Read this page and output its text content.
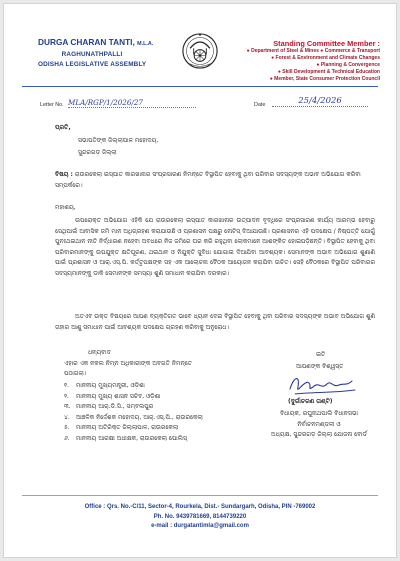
DURGA CHARAN TANTI, M.L.A.
RAGHUNATHPALLI
ODISHA LEGISLATIVE ASSEMBLY
Standing Committee Member :
● Department of Steel & Mines ● Commerce & Transport
● Forest & Environment and Climate Changes
● Planning & Convergence
● Skill Development & Technical Education
● Member, State Consumer Protection Council
Letter No. MLA/RGP/1/2026/27	Date	25/4/2026
ପ୍ରତି,
ସଭାପତିଙ୍କ ଜିଲ୍ଲାପାଳ ମହୋଦୟ,
ସୁନ୍ଦରଗଡ଼ ଜିଲ୍ଲା
ବିଷୟ : ରାଉରକେଲା ଇସ୍ପାତ କାରଖାନାର ସଂପ୍ରସାରଣ ନିମନ୍ତେ ବିସ୍ଥାପିତ ହେବାକୁ ଥିବା ପରିବାର ସଦସ୍ୟଙ୍କ ଅଭାବ ଅଭିଯୋଗ କରିବା ସମ୍ପର୍କରେ।
ମହାଶୟ,
ଉପରୋକ୍ତ ଅଭିଯୋଗ ଏହିକି ଯେ ରାଉରକେଲା ଇସ୍ପାତ କାରଖାନାର ଉତ୍ପାଦନ ବୃଦ୍ଧିରେ ସଂପ୍ରସାରଣ କାର୍ଯ୍ୟ ଆରମ୍ଭ ହେବାରୁ ସେଥିପାଇଁ ଆବାସିକ ଜମି ମାନ ଅଧିଗ୍ରହଣ କରାଯାଉଛି ଓ ପ୍ରଶାସନ ପକ୍ଷରୁ ନୋଟିସ୍ ଦିଆଯାଉଛି। ପ୍ରଶାସନର ଏହି ପଦକ୍ଷେପ / ନିଷ୍ପତ୍ତି ଯୋଗୁଁ ପୁନଃଥଇଥାନ ନୀତି ନିର୍ଦ୍ଧାରଣ ନହେବା ଅବଧରେ ନିଜ ଜମିରେ ଘର କରି ରହୁଥିବା ଲୋକମାନେ ଆଶଙ୍କିତ ହୋଇପଡ଼ିଛନ୍ତି। ବିସ୍ଥାପିତ ହେବାକୁ ଥିବା ପରିବାରମାନଙ୍କୁ ଉପଯୁକ୍ତ କ୍ଷତିପୂରଣ, ଥଇଥାନ ଓ ନିଯୁକ୍ତି ସୁବିଧା ଯୋଗାଇ ଦିଆଯିବା ଆବଶ୍ୟକ। ସେମାନଙ୍କ ଅଭାବ ଅଭିଯୋଗ ଶୁଣାଣି ପାଇଁ ପ୍ରଶାସନ ଓ ଆର୍.ଏସ୍.ପି. କର୍ତ୍ତୃପକ୍ଷଙ୍କ ସହ ଏକ ଆଲୋଚନା ବୈଠକ ଆୟୋଜନ କରାଯିବା ଉଚିତ। ସେହି ବୈଠକରେ ବିସ୍ଥାପିତ ପରିବାରର ସଦସ୍ୟମାନଙ୍କୁ ଡାକି ସେମାନଙ୍କ ସମସ୍ୟା ଶୁଣି ସମାଧାନ କରାଯିବା ଦରକାର।
ଅତଏବ ଉକ୍ତ ବିଷୟରେ ଆପଣ ବ୍ୟକ୍ତିଗତ ଭାବେ ଧ୍ୟାନ ଦେଇ ବିସ୍ଥାପିତ ହେବାକୁ ଥିବା ପରିବାର ସଦସ୍ୟଙ୍କ ଅଭାବ ଅଭିଯୋଗ ଶୁଣି ତାହାର ଆଶୁ ସମାଧାନ ପାଇଁ ଆବଶ୍ୟକ ପଦକ୍ଷେପ ଗ୍ରହଣ କରିବାକୁ ଅନୁରୋଧ।
ଧନ୍ୟବାଦ
ଏହାର ଏକ ନକଲ ନିମ୍ନ ଅଧିକାରୀଙ୍କ ଅବଗତି ନିମନ୍ତେ
ପଠାଗଲା।
୧.	ମାନନୀୟ ମୁଖ୍ୟମନ୍ତ୍ରୀ, ଓଡ଼ିଶା
୨.	ମାନନୀୟ ମୁଖ୍ୟ ଶାସନ ସଚିବ, ଓଡ଼ିଶା
୩. ମାନନୀୟ ଆର୍.ଡି.ସି., ସମ୍ବଲପୁର
୪.	ଆଞ୍ଚଳିକ ନିର୍ଦ୍ଦେଶକ ମହୋଦୟ, ଆର୍.ଏସ୍.ପି., ରାଉରକେଲା
୫.	ମାନନୀୟ ଅତିରିକ୍ତ ଜିଲ୍ଲାପାଳ, ରାଉରକେଲା
୬.	ମାନନୀୟ ଆରକ୍ଷୀ ଅଧୀକ୍ଷକ, ରାଉରକେଲା ପୋଲିସ୍
ଇତି
ଆପଣଙ୍କ ବିଶ୍ୱସ୍ତ
(ଦୁର୍ଗାଚରଣ ତାଣ୍ଟି)
ବିଧାୟକ, ରଘୁନାଥପାଲି ବିଧାନସଭା
ନିର୍ବାଚନମଣ୍ଡଳୀ ଓ
ଅଧ୍ୟକ୍ଷ, ସୁନ୍ଦରଗଡ଼ ଜିଲ୍ଲା ଯୋଜନା ବୋର୍ଡ
Office : Qrs. No.-C/11, Sector-4, Rourkela, Dist.- Sundargarh, Odisha, PIN -769002
Ph. No. 9439781669, 8144739220
e-mail : durgatantimla@gmail.com
